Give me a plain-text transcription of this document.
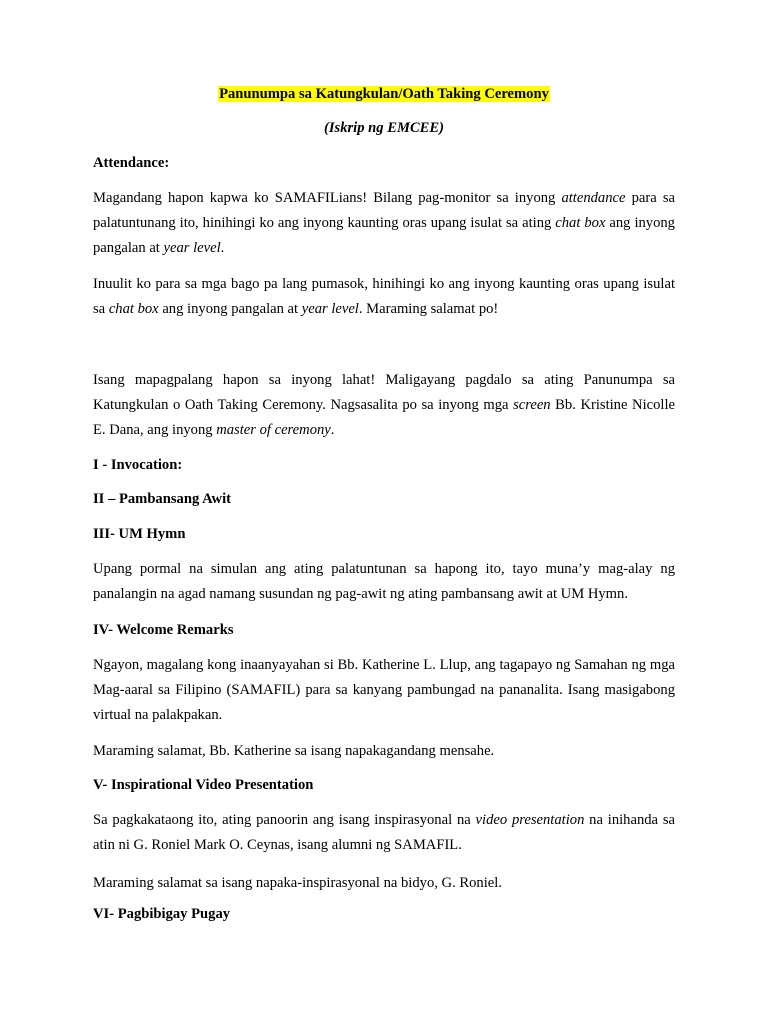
Panunumpa sa Katungkulan/Oath Taking Ceremony
(Iskrip ng EMCEE)
Attendance:
Magandang hapon kapwa ko SAMAFILians! Bilang pag-monitor sa inyong attendance para sa palatuntunang ito, hinihingi ko ang inyong kaunting oras upang isulat sa ating chat box ang inyong pangalan at year level.
Inuulit ko para sa mga bago pa lang pumasok, hinihingi ko ang inyong kaunting oras upang isulat sa chat box ang inyong pangalan at year level. Maraming salamat po!
Isang mapagpalang hapon sa inyong lahat! Maligayang pagdalo sa ating Panunumpa sa Katungkulan o Oath Taking Ceremony. Nagsasalita po sa inyong mga screen Bb. Kristine Nicolle E. Dana, ang inyong master of ceremony.
I - Invocation:
II – Pambansang Awit
III- UM Hymn
Upang pormal na simulan ang ating palatuntunan sa hapong ito, tayo muna’y mag-alay ng panalangin na agad namang susundan ng pag-awit ng ating pambansang awit at UM Hymn.
IV- Welcome Remarks
Ngayon, magalang kong inaanyayahan si Bb. Katherine L. Llup, ang tagapayo ng Samahan ng mga Mag-aaral sa Filipino (SAMAFIL) para sa kanyang pambungad na pananalita. Isang masigabong virtual na palakpakan.
Maraming salamat, Bb. Katherine sa isang napakagandang mensahe.
V- Inspirational Video Presentation
Sa pagkakataong ito, ating panoorin ang isang inspirasyonal na video presentation na inihanda sa atin ni G. Roniel Mark O. Ceynas, isang alumni ng SAMAFIL.
Maraming salamat sa isang napaka-inspirasyonal na bidyo, G. Roniel.
VI- Pagbibigay Pugay
